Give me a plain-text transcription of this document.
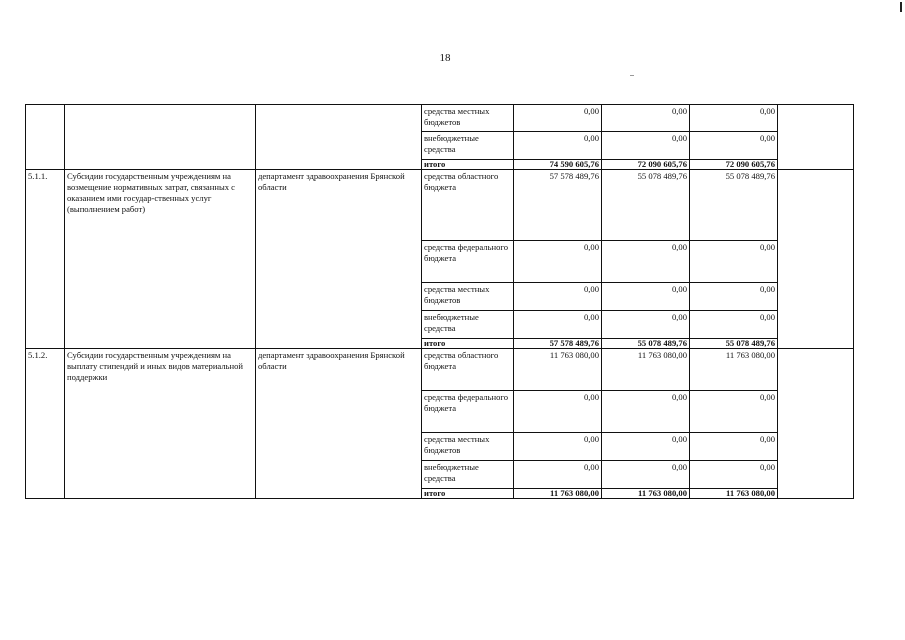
18
			средства местных бюджетов	0,00	0,00	0,00	
			внебюджетные средства	0,00	0,00	0,00	
			итого	74 590 605,76	72 090 605,76	72 090 605,76	
5.1.1.	Субсидии государственным учреждениям на возмещение нормативных затрат, связанных с оказанием ими государ-ственных услуг (выполнением работ)	департамент здравоохранения Брянской области	средства областного бюджета	57 578 489,76	55 078 489,76	55 078 489,76	
			средства федерального бюджета	0,00	0,00	0,00	
			средства местных бюджетов	0,00	0,00	0,00	
			внебюджетные средства	0,00	0,00	0,00	
			итого	57 578 489,76	55 078 489,76	55 078 489,76	
5.1.2.	Субсидии государственным учреждениям на выплату стипендий и иных видов материальной поддержки	департамент здравоохранения Брянской области	средства областного бюджета	11 763 080,00	11 763 080,00	11 763 080,00	
			средства федерального бюджета	0,00	0,00	0,00	
			средства местных бюджетов	0,00	0,00	0,00	
			внебюджетные средства	0,00	0,00	0,00	
			итого	11 763 080,00	11 763 080,00	11 763 080,00	
